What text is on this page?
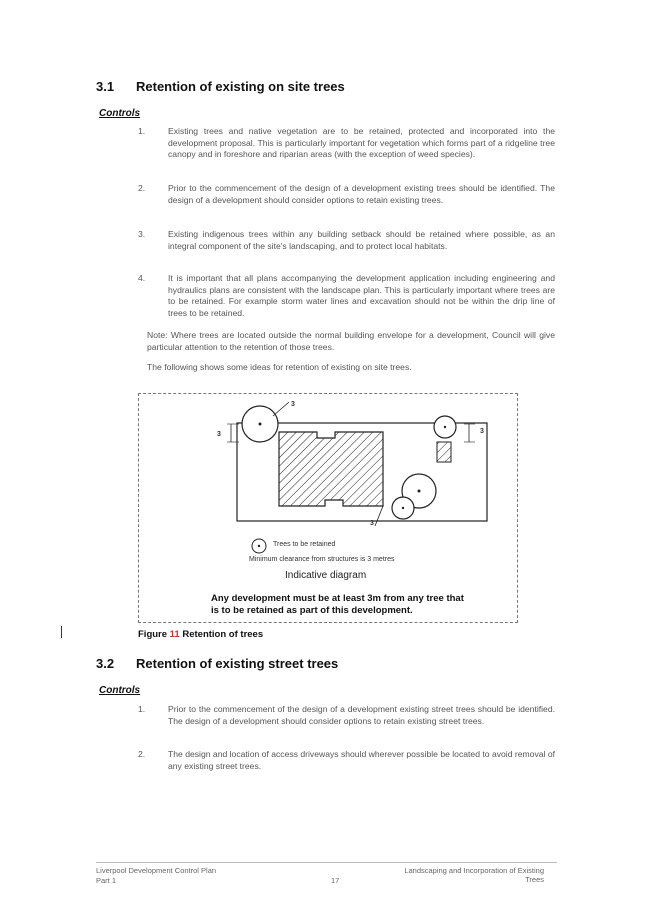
3.1 Retention of existing on site trees
Controls
1.	Existing trees and native vegetation are to be retained, protected and incorporated into the development proposal. This is particularly important for vegetation which forms part of a ridgeline tree canopy and in foreshore and riparian areas (with the exception of weed species).
2.	Prior to the commencement of the design of a development existing trees should be identified. The design of a development should consider options to retain existing trees.
3.	Existing indigenous trees within any building setback should be retained where possible, as an integral component of the site's landscaping, and to protect local habitats.
4.	It is important that all plans accompanying the development application including engineering and hydraulics plans are consistent with the landscape plan. This is particularly important where trees are to be retained. For example storm water lines and excavation should not be within the drip line of trees to be retained.
Note: Where trees are located outside the normal building envelope for a development, Council will give particular attention to the retention of those trees.
The following shows some ideas for retention of existing on site trees.
3
3
3
3
Trees to be retained
Minimum clearance from structures is 3 metres
Indicative diagram
Any development must be at least 3m from any tree that
is to be retained as part of this development.
Figure 11 Retention of trees
3.2 Retention of existing street trees
Controls
1.	Prior to the commencement of the design of a development existing street trees should be identified. The design of a development should consider options to retain existing street trees.
2.	The design and location of access driveways should wherever possible be located to avoid removal of any existing street trees.
Liverpool Development Control Plan
Part 1	17
Landscaping and Incorporation of Existing Trees
